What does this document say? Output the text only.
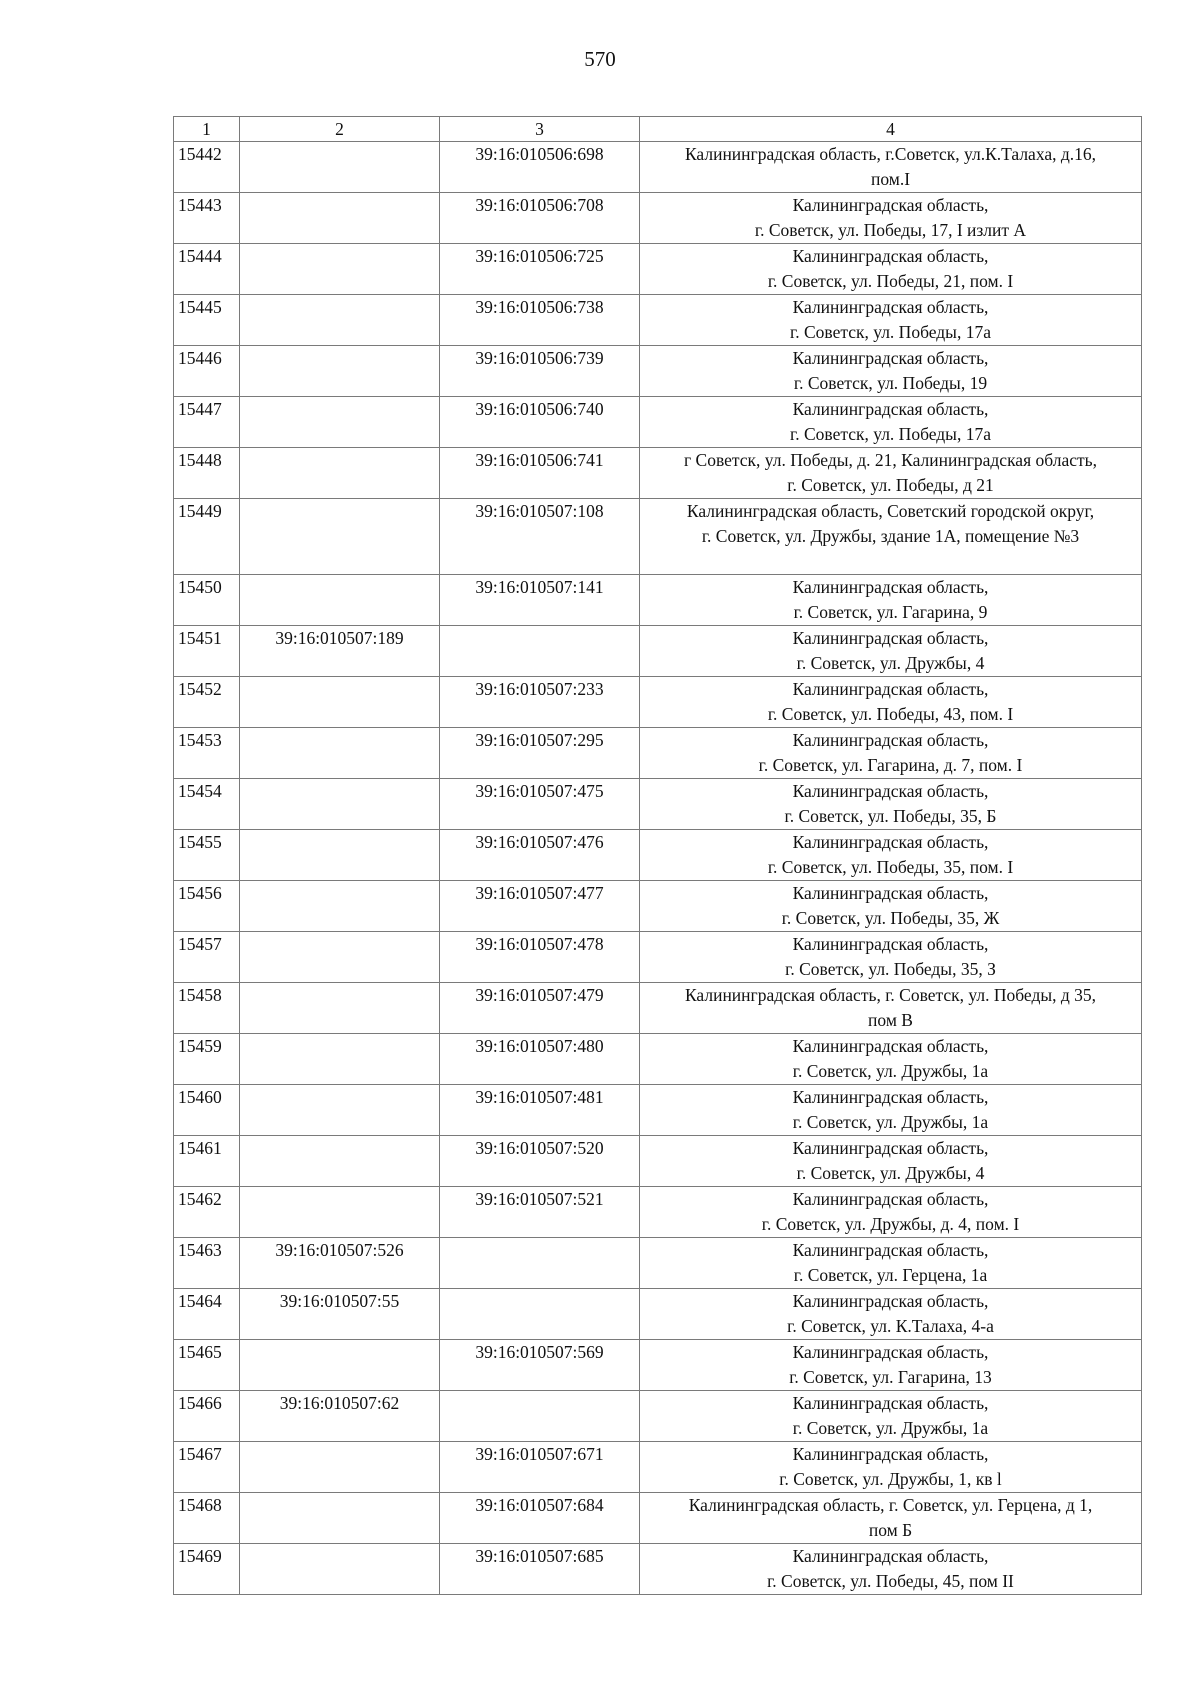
570
1	2	3	4
15442		39:16:010506:698	Калининградская область, г.Советск, ул.К.Талаха, д.16,
пом.I

15443		39:16:010506:708	Калининградская область,
г. Советск, ул. Победы, 17, I излит А

15444		39:16:010506:725	Калининградская область,
г. Советск, ул. Победы, 21, пом. I

15445		39:16:010506:738	Калининградская область,
г. Советск, ул. Победы, 17а

15446		39:16:010506:739	Калининградская область,
г. Советск, ул. Победы, 19

15447		39:16:010506:740	Калининградская область,
г. Советск, ул. Победы, 17а

15448		39:16:010506:741	г Советск, ул. Победы, д. 21, Калининградская область,
г. Советск, ул. Победы, д 21

15449		39:16:010507:108	Калининградская область, Советский городской округ,
г. Советск, ул. Дружбы, здание 1А, помещение №3

15450		39:16:010507:141	Калининградская область,
г. Советск, ул. Гагарина, 9

15451	39:16:010507:189		Калининградская область,
г. Советск, ул. Дружбы, 4

15452		39:16:010507:233	Калининградская область,
г. Советск, ул. Победы, 43, пом. I

15453		39:16:010507:295	Калининградская область,
г. Советск, ул. Гагарина, д. 7, пом. I

15454		39:16:010507:475	Калининградская область,
г. Советск, ул. Победы, 35, Б

15455		39:16:010507:476	Калининградская область,
г. Советск, ул. Победы, 35, пом. I

15456		39:16:010507:477	Калининградская область,
г. Советск, ул. Победы, 35, Ж

15457		39:16:010507:478	Калининградская область,
г. Советск, ул. Победы, 35, З

15458		39:16:010507:479	Калининградская область, г. Советск, ул. Победы, д 35,
пом В

15459		39:16:010507:480	Калининградская область,
г. Советск, ул. Дружбы, 1а

15460		39:16:010507:481	Калининградская область,
г. Советск, ул. Дружбы, 1а

15461		39:16:010507:520	Калининградская область,
г. Советск, ул. Дружбы, 4

15462		39:16:010507:521	Калининградская область,
г. Советск, ул. Дружбы, д. 4, пом. I

15463	39:16:010507:526		Калининградская область,
г. Советск, ул. Герцена, 1а

15464	39:16:010507:55		Калининградская область,
г. Советск, ул. К.Талаха, 4-а

15465		39:16:010507:569	Калининградская область,
г. Советск, ул. Гагарина, 13

15466	39:16:010507:62		Калининградская область,
г. Советск, ул. Дружбы, 1а

15467		39:16:010507:671	Калининградская область,
г. Советск, ул. Дружбы, 1, кв l

15468		39:16:010507:684	Калининградская область, г. Советск, ул. Герцена, д 1,
пом Б

15469		39:16:010507:685	Калининградская область,
г. Советск, ул. Победы, 45, пом II
